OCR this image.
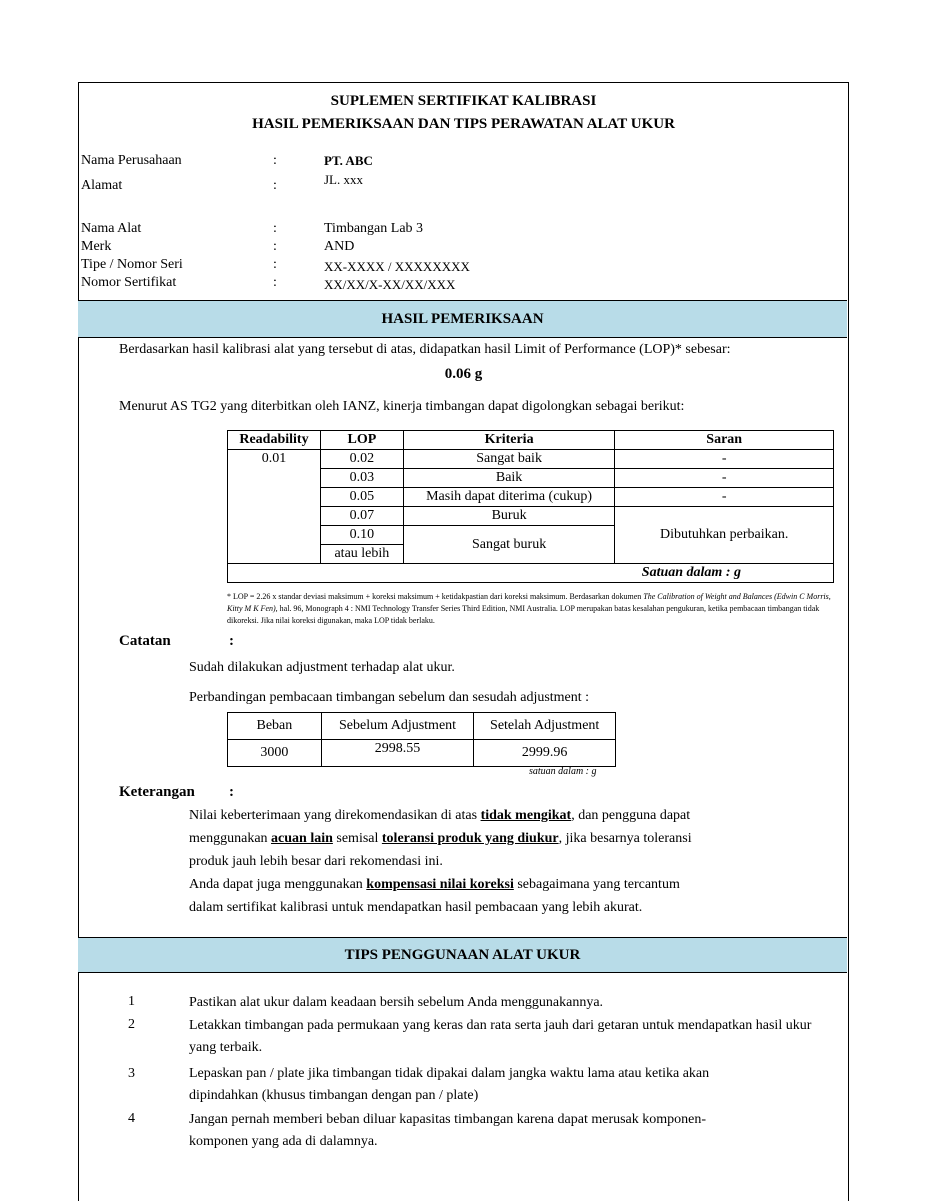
SUPLEMEN SERTIFIKAT KALIBRASI
HASIL PEMERIKSAAN DAN TIPS PERAWATAN ALAT UKUR
Nama Perusahaan	:	PT. ABC
Alamat	:	JL. xxx
Nama Alat	:	Timbangan Lab 3
Merk	:	AND
Tipe / Nomor Seri	:	XX-XXXX / XXXXXXXX
Nomor Sertifikat	:	XX/XX/X-XX/XX/XXX
HASIL PEMERIKSAAN
Berdasarkan hasil kalibrasi alat yang tersebut di atas, didapatkan hasil Limit of Performance (LOP)* sebesar:
0.06 g
Menurut AS TG2 yang diterbitkan oleh IANZ, kinerja timbangan dapat digolongkan sebagai berikut:
Readability	LOP	Kriteria	Saran
0.01	0.02	Sangat baik	-
	0.03	Baik	-
	0.05	Masih dapat diterima (cukup)	-
	0.07	Buruk	Dibutuhkan perbaikan.
	0.10	Sangat buruk	
	atau lebih		
Satuan dalam : g			
* LOP = 2.26 x standar deviasi maksimum + koreksi maksimum + ketidakpastian dari koreksi maksimum. Berdasarkan dokumen The Calibration of Weight and Balances (Edwin C Morris, Kitty M K Fen), hal. 96, Monograph 4 : NMI Technology Transfer Series Third Edition, NMI Australia. LOP merupakan batas kesalahan pengukuran, ketika pembacaan timbangan tidak dikoreksi. Jika nilai koreksi digunakan, maka LOP tidak berlaku.
Catatan	:
Sudah dilakukan adjustment terhadap alat ukur.
Perbandingan pembacaan timbangan sebelum dan sesudah adjustment :
Beban	Sebelum Adjustment	Setelah Adjustment
3000	2998.55	2999.96
satuan dalam : g
Keterangan :
Nilai keberterimaan yang direkomendasikan di atas tidak mengikat, dan pengguna dapat
menggunakan acuan lain semisal toleransi produk yang diukur, jika besarnya toleransi
produk jauh lebih besar dari rekomendasi ini.
Anda dapat juga menggunakan kompensasi nilai koreksi sebagaimana yang tercantum
dalam sertifikat kalibrasi untuk mendapatkan hasil pembacaan yang lebih akurat.
TIPS PENGGUNAAN ALAT UKUR
1	Pastikan alat ukur dalam keadaan bersih sebelum Anda menggunakannya.
2	Letakkan timbangan pada permukaan yang keras dan rata serta jauh dari getaran untuk mendapatkan hasil ukur yang terbaik.
3	Lepaskan pan / plate jika timbangan tidak dipakai dalam jangka waktu lama atau ketika akan dipindahkan (khusus timbangan dengan pan / plate)
4	Jangan pernah memberi beban diluar kapasitas timbangan karena dapat merusak komponen-komponen yang ada di dalamnya.
